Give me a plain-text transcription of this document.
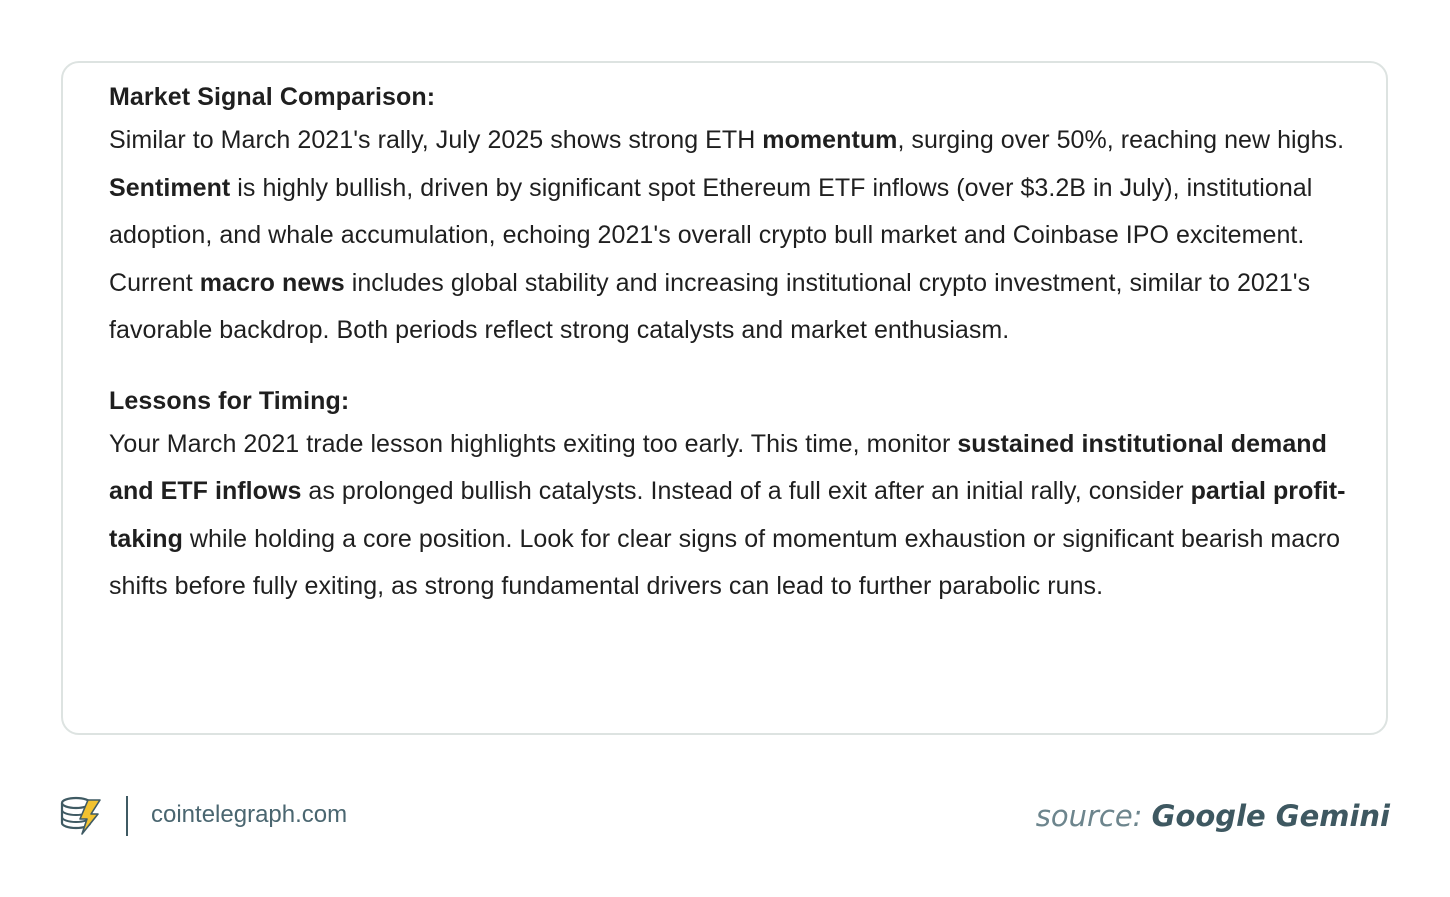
Market Signal Comparison:

Similar to March 2021's rally, July 2025 shows strong ETH momentum, surging over 50%, reaching new highs. Sentiment is highly bullish, driven by significant spot Ethereum ETF inflows (over $3.2B in July), institutional adoption, and whale accumulation, echoing 2021's overall crypto bull market and Coinbase IPO excitement. Current macro news includes global stability and increasing institutional crypto investment, similar to 2021's favorable backdrop. Both periods reflect strong catalysts and market enthusiasm.

Lessons for Timing:

Your March 2021 trade lesson highlights exiting too early. This time, monitor sustained institutional demand and ETF inflows as prolonged bullish catalysts. Instead of a full exit after an initial rally, consider partial profit-taking while holding a core position. Look for clear signs of momentum exhaustion or significant bearish macro shifts before fully exiting, as strong fundamental drivers can lead to further parabolic runs.

cointelegraph.com	source: Google Gemini
